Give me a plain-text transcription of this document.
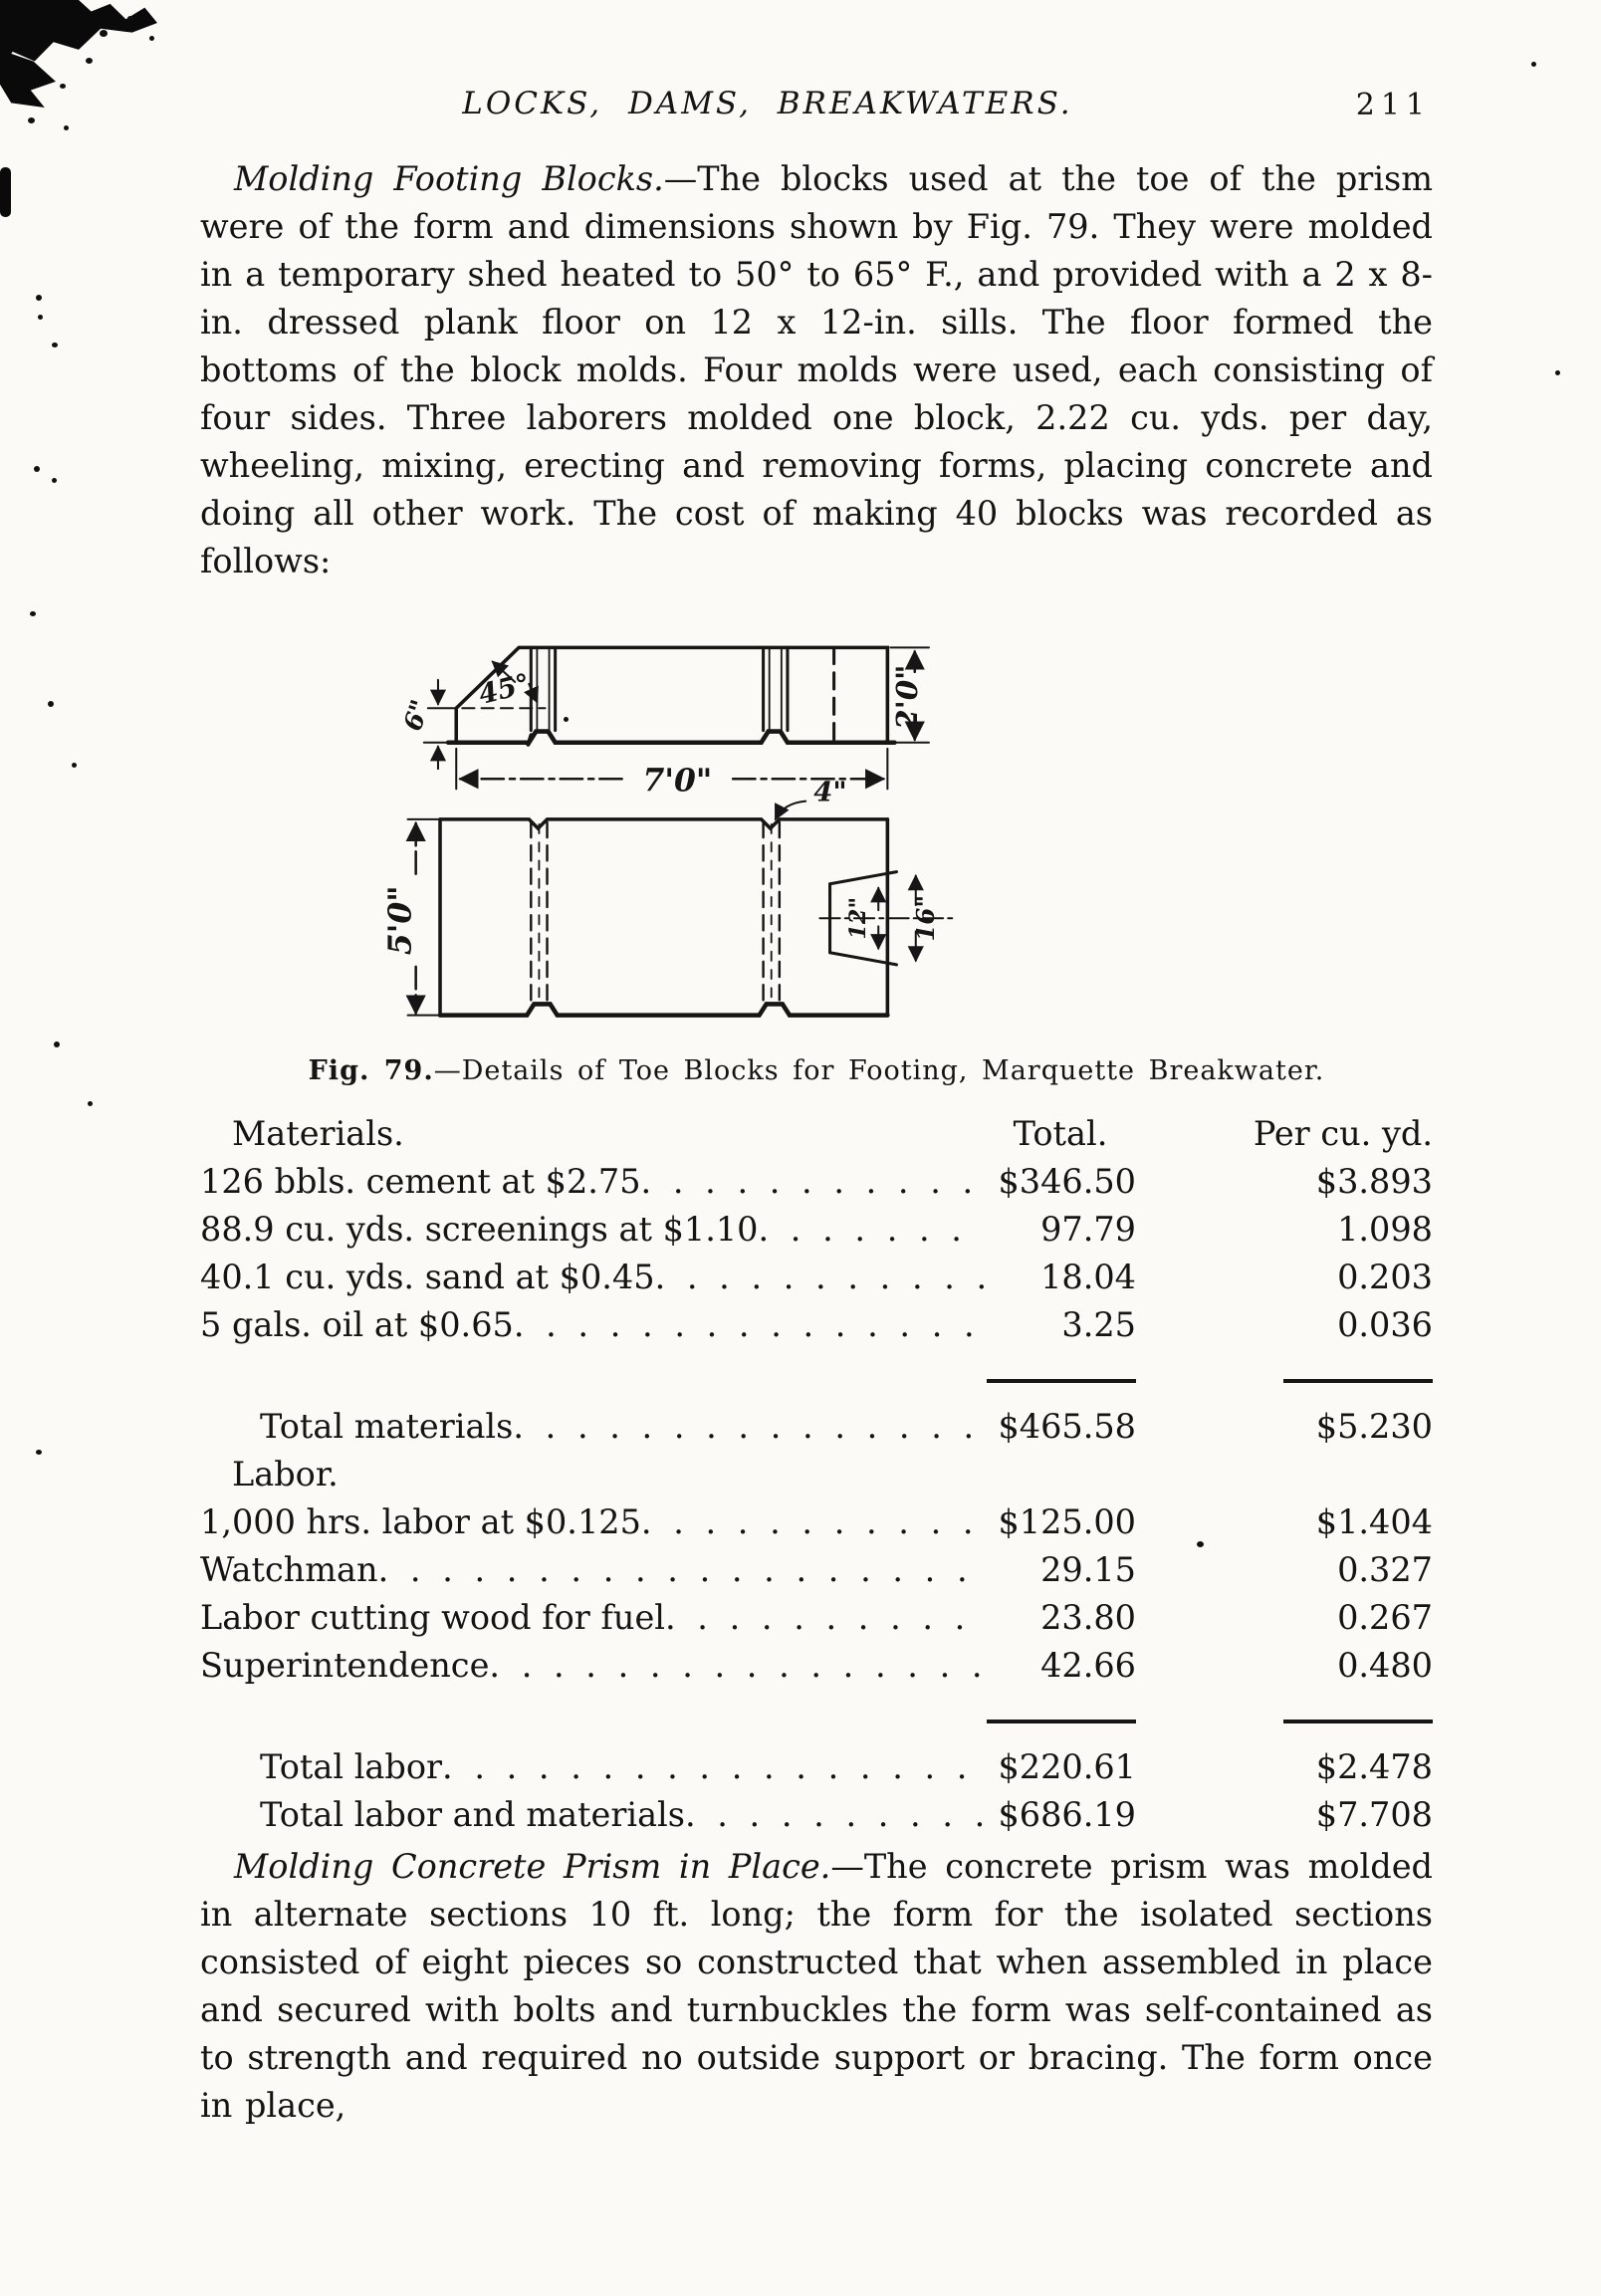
LOCKS, DAMS, BREAKWATERS.	211

Molding Footing Blocks.—The blocks used at the toe of the prism were of the form and dimensions shown by Fig. 79. They were molded in a temporary shed heated to 50° to 65° F., and provided with a 2 x 8-in. dressed plank floor on 12 x 12-in. sills. The floor formed the bottoms of the block molds. Four molds were used, each consisting of four sides. Three laborers molded one block, 2.22 cu. yds. per day, wheeling, mixing, erecting and removing forms, placing concrete and doing all other work. The cost of making 40 blocks was recorded as follows:

45°
6"
7'0"
2'0"
4"
5'0"	12" 16"
Fig. 79.—Details of Toe Blocks for Footing, Marquette Breakwater.
Materials.	Total.	Per cu. yd.
126 bbls. cement at $2.75 . . .	$346.50	$3.893
88.9 cu. yds. screenings at $1.10 . . .	97.79	1.098
40.1 cu. yds. sand at $0.45 . . .	18.04	0.203
5 gals. oil at $0.65 . . .	3.25	0.036
Total materials . . .	$465.58	$5.230
Labor.
1,000 hrs. labor at $0.125 . . .	$125.00	$1.404
Watchman . . .	29.15	0.327
Labor cutting wood for fuel . . .	23.80	0.267
Superintendence . . .	42.66	0.480
Total labor . . .	$220.61	$2.478
Total labor and materials . . .	$686.19	$7.708

Molding Concrete Prism in Place.—The concrete prism was molded in alternate sections 10 ft. long; the form for the isolated sections consisted of eight pieces so constructed that when assembled in place and secured with bolts and turnbuckles the form was self-contained as to strength and required no outside support or bracing. The form once in place,
